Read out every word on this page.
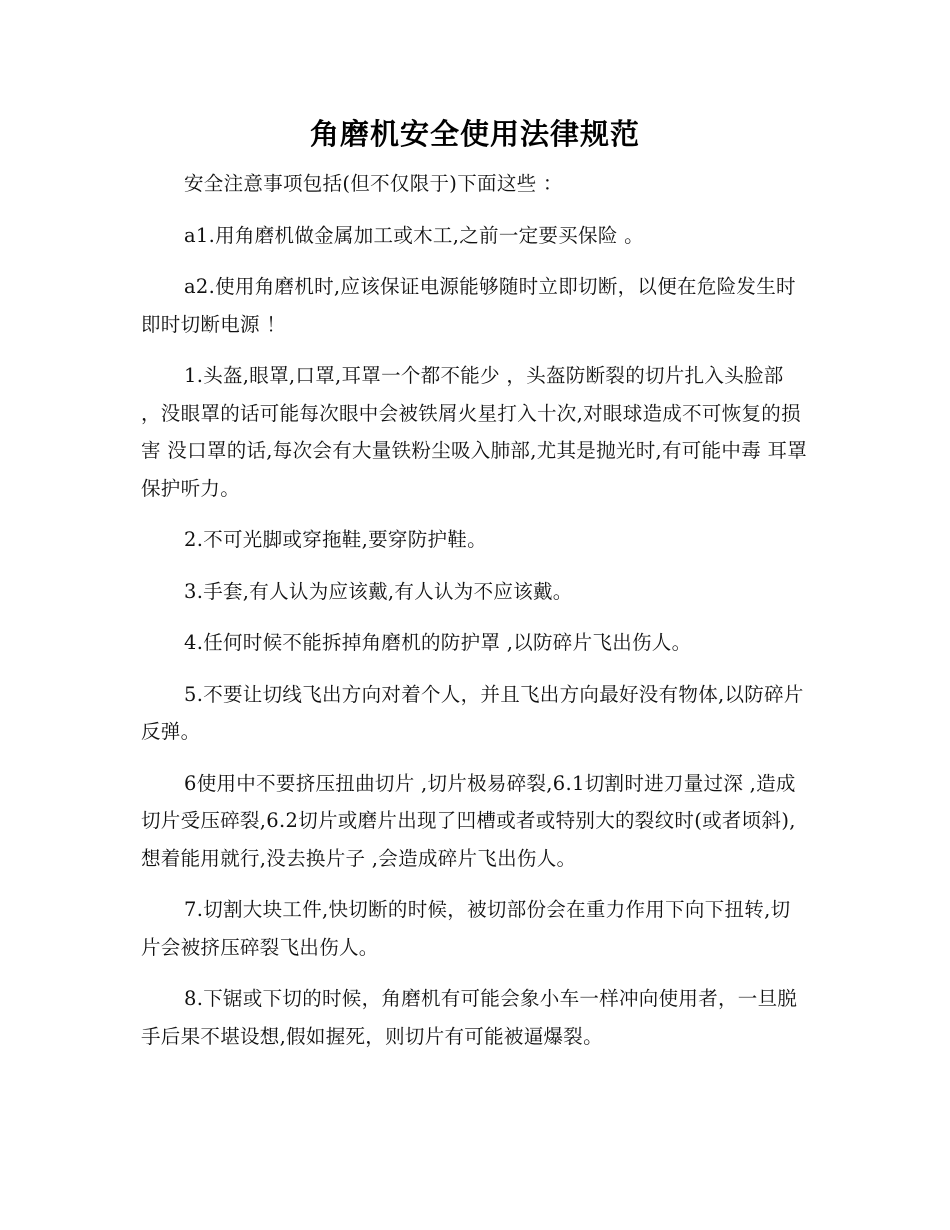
角磨机安全使用法律规范

安全注意事项包括(但不仅限于)下面这些 ：

a1.用角磨机做金属加工或木工,之前一定要买保险 。

a2.使用角磨机时,应该保证电源能够随时立即切断，以便在危险发生时即时切断电源 ！

1.头盔,眼罩,口罩,耳罩一个都不能少 ，头盔防断裂的切片扎入头脸部 ，没眼罩的话可能每次眼中会被铁屑火星打入十次,对眼球造成不可恢复的损害 没口罩的话,每次会有大量铁粉尘吸入肺部,尤其是抛光时,有可能中毒 耳罩保护听力。

2.不可光脚或穿拖鞋,要穿防护鞋。

3.手套,有人认为应该戴,有人认为不应该戴。

4.任何时候不能拆掉角磨机的防护罩 ,以防碎片飞出伤人。

5.不要让切线飞出方向对着个人，并且飞出方向最好没有物体,以防碎片反弹。

6使用中不要挤压扭曲切片 ,切片极易碎裂,6.1切割时进刀量过深 ,造成切片受压碎裂,6.2切片或磨片出现了凹槽或者或特别大的裂纹时(或者顷斜),想着能用就行,没去换片子 ,会造成碎片飞出伤人。

7.切割大块工件,快切断的时候，被切部份会在重力作用下向下扭转,切片会被挤压碎裂飞出伤人。

8.下锯或下切的时候，角磨机有可能会象小车一样冲向使用者，一旦脱手后果不堪设想,假如握死，则切片有可能被逼爆裂。
